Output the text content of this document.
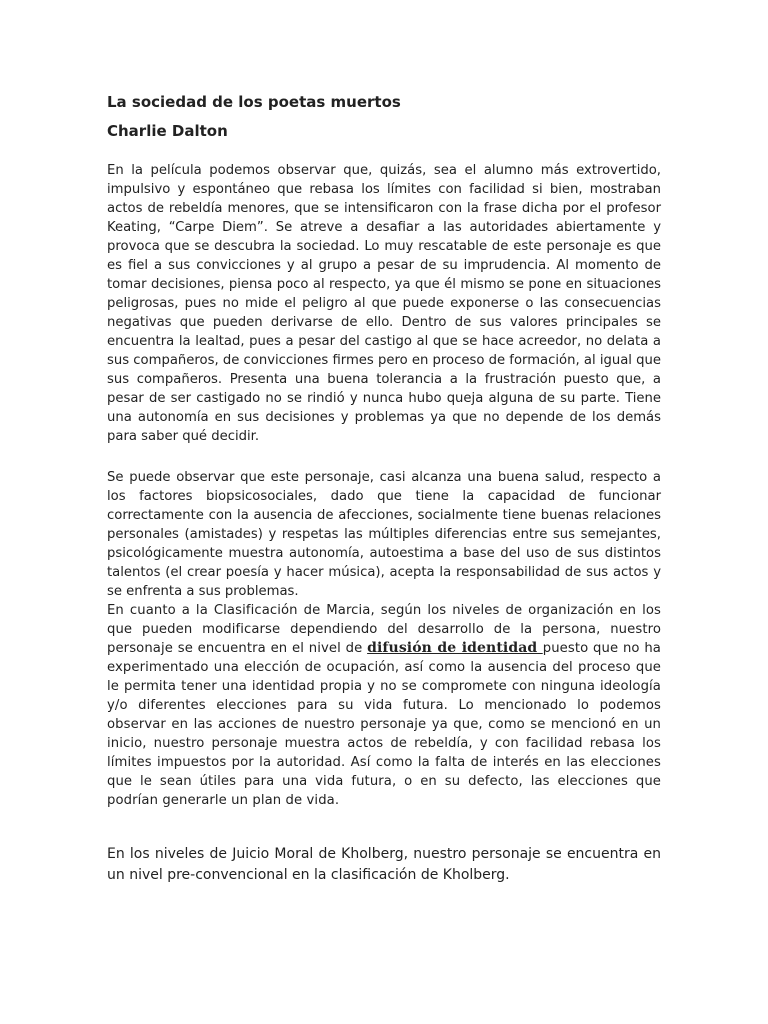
La sociedad de los poetas muertos
Charlie Dalton

En la película podemos observar que, quizás, sea el alumno más extrovertido, impulsivo y espontáneo que rebasa los límites con facilidad si bien, mostraban actos de rebeldía menores, que se intensificaron con la frase dicha por el profesor Keating, “Carpe Diem”. Se atreve a desafiar a las autoridades abiertamente y provoca que se descubra la sociedad. Lo muy rescatable de este personaje es que es fiel a sus convicciones y al grupo a pesar de su imprudencia. Al momento de tomar decisiones, piensa poco al respecto, ya que él mismo se pone en situaciones peligrosas, pues no mide el peligro al que puede exponerse o las consecuencias negativas que pueden derivarse de ello. Dentro de sus valores principales se encuentra la lealtad, pues a pesar del castigo al que se hace acreedor, no delata a sus compañeros, de convicciones firmes pero en proceso de formación, al igual que sus compañeros. Presenta una buena tolerancia a la frustración puesto que, a pesar de ser castigado no se rindió y nunca hubo queja alguna de su parte. Tiene una autonomía en sus decisiones y problemas ya que no depende de los demás para saber qué decidir.

Se puede observar que este personaje, casi alcanza una buena salud, respecto a los factores biopsicosociales, dado que tiene la capacidad de funcionar correctamente con la ausencia de afecciones, socialmente tiene buenas relaciones personales (amistades) y respetas las múltiples diferencias entre sus semejantes, psicológicamente muestra autonomía, autoestima a base del uso de sus distintos talentos (el crear poesía y hacer música), acepta la responsabilidad de sus actos y se enfrenta a sus problemas.

En cuanto a la Clasificación de Marcia, según los niveles de organización en los que pueden modificarse dependiendo del desarrollo de la persona, nuestro personaje se encuentra en el nivel de difusión de identidad puesto que no ha experimentado una elección de ocupación, así como la ausencia del proceso que le permita tener una identidad propia y no se compromete con ninguna ideología y/o diferentes elecciones para su vida futura. Lo mencionado lo podemos observar en las acciones de nuestro personaje ya que, como se mencionó en un inicio, nuestro personaje muestra actos de rebeldía, y con facilidad rebasa los límites impuestos por la autoridad. Así como la falta de interés en las elecciones que le sean útiles para una vida futura, o en su defecto, las elecciones que podrían generarle un plan de vida.

En los niveles de Juicio Moral de Kholberg, nuestro personaje se encuentra en un nivel pre-convencional en la clasificación de Kholberg.
